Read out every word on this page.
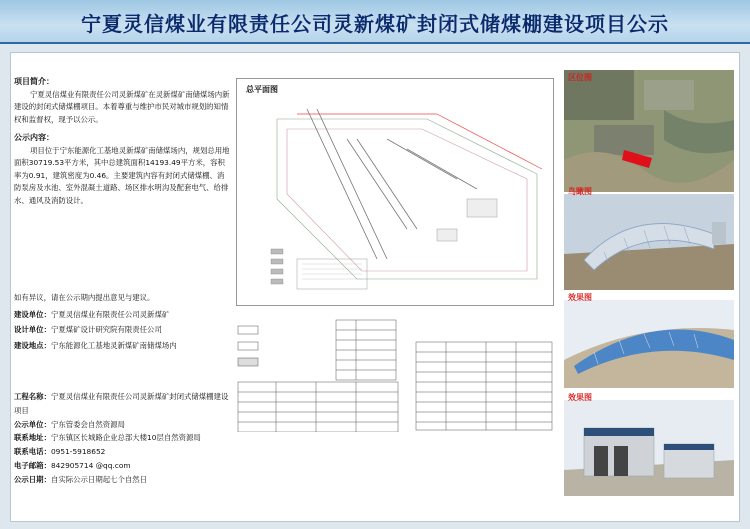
宁夏灵信煤业有限责任公司灵新煤矿封闭式储煤棚建设项目公示
项目简介：
宁夏灵信煤业有限责任公司灵新煤矿在灵新煤矿南储煤场内新建设的封闭式储煤棚项目。本着尊重与维护市民对城市规划的知情权和监督权，现予以公示。
公示内容：
项目位于宁东能源化工基地灵新煤矿南储煤场内，规划总用地面积30719.53平方米，其中总建筑面积14193.49平方米，容积率为0.91，建筑密度为0.46。主要建筑内容有封闭式储煤棚、消防泵房及水池、室外混凝土道路、场区排水明沟及配套电气、给排水、通风及消防设计。
如有异议，请在公示期内提出意见与建议。
建设单位：宁夏灵信煤业有限责任公司灵新煤矿
设计单位：宁夏煤矿设计研究院有限责任公司
建设地点：宁东能源化工基地灵新煤矿南储煤场内
工程名称：宁夏灵信煤业有限责任公司灵新煤矿封闭式储煤棚建设项目
公示单位：宁东管委会自然资源局
联系地址：宁东镇区长城路企业总部大楼10层自然资源局
联系电话：0951-5918652
电子邮箱：842905714 @qq.com
公示日期：自实际公示日期起七个自然日
总平面图
区位图
鸟瞰图
效果图
效果图
